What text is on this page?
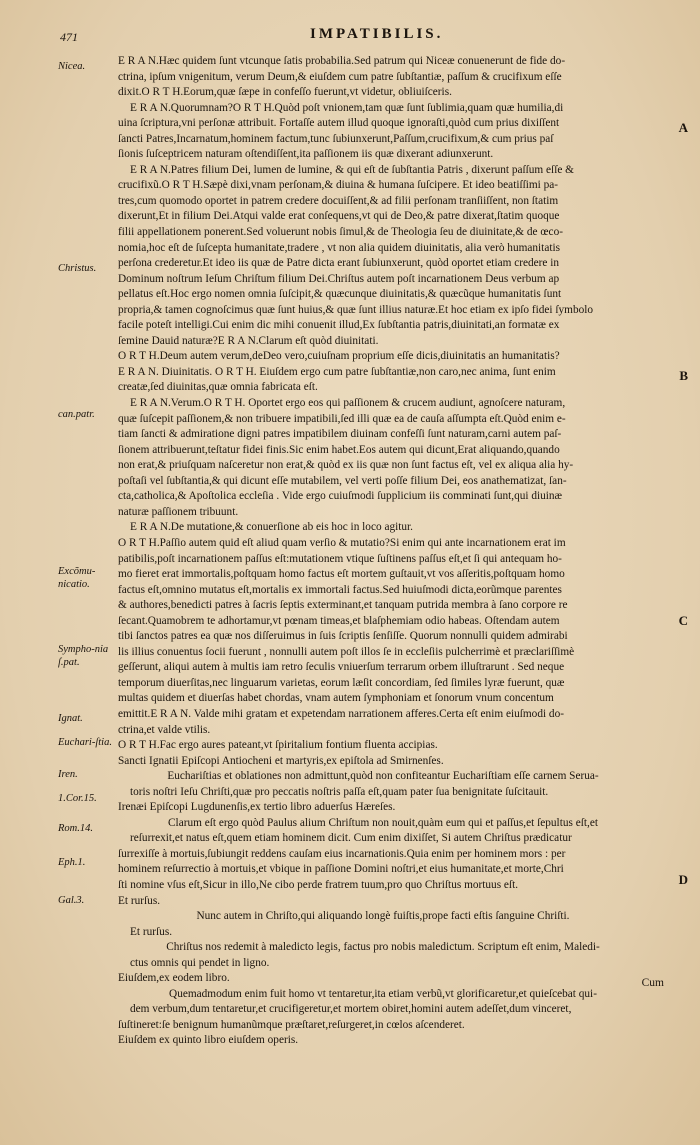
471	IMPATIBILIS.
Nicea.
Christus.
can.patr.
Excõmu-nicatio.
Sympho-nia ſ.pat.
Ignat.
Euchari-ſtia.
Iren.
1.Cor.15.
Rom.14.
Eph.1.
Gal.3.
A
B
C
D
E R A N.Hæc quidem ſunt vtcunque ſatis probabilia.Sed patrum qui Niceæ conuenerunt de fide do-
ctrina, ipſum vnigenitum, verum Deum,& eiuſdem cum patre ſubſtantiæ, paſſum & crucifixum eſſe
dixit.O R T H.Eorum,quæ ſæpe in confeſſo fuerunt,vt videtur, obliuiſceris.
E R A N.Quorumnam?O R T H.Quòd poſt vnionem,tam quæ ſunt ſublimia,quam quæ humilia,di
uina ſcriptura,vni perſonæ attribuit. Fortaſſe autem illud quoque ignoraſti,quòd cum prius dixiſſent
ſancti Patres,Incarnatum,hominem factum,tunc ſubiunxerunt,Paſſum,crucifixum,& cum prius paſ
ſionis ſuſceptricem naturam oſtendiſſent,ita paſſionem iis quæ dixerant adiunxerunt.
E R A N.Patres filium Dei, lumen de lumine, & qui eſt de ſubſtantia Patris , dixerunt paſſum eſſe &
crucifixũ.O R T H.Sæpè dixi,vnam perſonam,& diuina & humana ſuſcipere. Et ideo beatiſſimi pa-
tres,cum quomodo oportet in patrem credere docuiſſent,& ad filii perſonam tranſiiſſent, non ſtatim
dixerunt,Et in filium Dei.Atqui valde erat conſequens,vt qui de Deo,& patre dixerat,ſtatim quoque
filii appellationem ponerent.Sed voluerunt nobis ſimul,& de Theologia ſeu de diuinitate,& de œco-
nomia,hoc eſt de ſuſcepta humanitate,tradere , vt non alia quidem diuinitatis, alia verò humanitatis
perſona crederetur.Et ideo iis quæ de Patre dicta erant ſubiunxerunt, quòd oportet etiam credere in
Dominum noſtrum Ieſum Chriſtum filium Dei.Chriſtus autem poſt incarnationem Deus verbum ap
pellatus eſt.Hoc ergo nomen omnia ſuſcipit,& quæcunque diuinitatis,& quæcũque humanitatis ſunt
propria,& tamen cognoſcimus quæ ſunt huius,& quæ ſunt illius naturæ.Et hoc etiam ex ipſo fidei ſymbolo
facile poteſt intelligi.Cui enim dic mihi conuenit illud,Ex ſubſtantia patris,diuinitati,an formatæ ex
ſemine Dauid naturæ?E R A N.Clarum eſt quòd diuinitati.
O R T H.Deum autem verum,deDeo vero,cuiuſnam proprium eſſe dicis,diuinitatis an humanitatis?
E R A N. Diuinitatis. O R T H. Eiuſdem ergo cum patre ſubſtantiæ,non caro,nec anima, ſunt enim
creatæ,ſed diuinitas,quæ omnia fabricata eſt.
E R A N.Verum.O R T H. Oportet ergo eos qui paſſionem & crucem audiunt, agnoſcere naturam,
quæ ſuſcepit paſſionem,& non tribuere impatibili,ſed illi quæ ea de cauſa aſſumpta eſt.Quòd enim e-
tiam ſancti & admiratione digni patres impatibilem diuinam confeſſi ſunt naturam,carni autem paſ-
ſionem attribuerunt,teſtatur fidei finis.Sic enim habet.Eos autem qui dicunt,Erat aliquando,quando
non erat,& priuſquam naſceretur non erat,& quòd ex iis quæ non ſunt factus eſt, vel ex aliqua alia hy-
poſtaſi vel ſubſtantia,& qui dicunt eſſe mutabilem, vel verti poſſe filium Dei, eos anathematizat, ſan-
cta,catholica,& Apoſtolica eccleſia . Vide ergo cuiuſmodi ſupplicium iis comminati ſunt,qui diuinæ
naturæ paſſionem tribuunt.
E R A N.De mutatione,& conuerſione ab eis hoc in loco agitur.
O R T H.Paſſio autem quid eſt aliud quam verſio & mutatio?Si enim qui ante incarnationem erat im
patibilis,poſt incarnationem paſſus eſt:mutationem vtique ſuſtinens paſſus eſt,et ſi qui antequam ho-
mo fieret erat immortalis,poſtquam homo factus eſt mortem guſtauit,vt vos aſſeritis,poſtquam homo
factus eſt,omnino mutatus eſt,mortalis ex immortali factus.Sed huiuſmodi dicta,eorũmque parentes
& authores,benedicti patres à ſacris ſeptis exterminant,et tanquam putrida membra à ſano corpore re
ſecant.Quamobrem te adhortamur,vt pœnam timeas,et blaſphemiam odio habeas. Oſtendam autem
tibi ſanctos patres ea quæ nos diſſeruimus in ſuis ſcriptis ſenſiſſe. Quorum nonnulli quidem admirabi
lis illius conuentus ſocii fuerunt , nonnulli autem poſt illos ſe in eccleſiis pulcherrimè et præclariſſimè
geſſerunt, aliqui autem à multis iam retro ſeculis vniuerſum terrarum orbem illuſtrarunt . Sed neque
temporum diuerſitas,nec linguarum varietas, eorum læſit concordiam, ſed ſimiles lyræ fuerunt, quæ
multas quidem et diuerſas habet chordas, vnam autem ſymphoniam et ſonorum vnum concentum
emittit.E R A N. Valde mihi gratam et expetendam narrationem afferes.Certa eſt enim eiuſmodi do-
ctrina,et valde vtilis.
O R T H.Fac ergo aures pateant,vt ſpiritalium fontium fluenta accipias.
Sancti Ignatii Epiſcopi Antiocheni et martyris,ex epiſtola ad Smirnenſes.
Euchariſtias et oblationes non admittunt,quòd non confiteantur Euchariſtiam eſſe carnem Serua-
toris noſtri Ieſu Chriſti,quæ pro peccatis noſtris paſſa eſt,quam pater ſua benignitate ſuſcitauit.
Irenæi Epiſcopi Lugdunenſis,ex tertio libro aduerſus Hæreſes.
Clarum eſt ergo quòd Paulus alium Chriſtum non nouit,quàm eum qui et paſſus,et ſepultus eſt,et
reſurrexit,et natus eſt,quem etiam hominem dicit. Cum enim dixiſſet, Si autem Chriſtus prædicatur
ſurrexiſſe à mortuis,ſubiungit reddens cauſam eius incarnationis.Quia enim per hominem mors : per
hominem reſurrectio à mortuis,et vbique in paſſione Domini noſtri,et eius humanitate,et morte,Chri
ſti nomine vſus eſt,Sicur in illo,Ne cibo perde fratrem tuum,pro quo Chriſtus mortuus eſt.
Et rurſus.
Nunc autem in Chriſto,qui aliquando longè fuiſtis,prope facti eſtis ſanguine Chriſti.
Et rurſus.
Chriſtus nos redemit à maledicto legis, factus pro nobis maledictum. Scriptum eſt enim, Maledi-
ctus omnis qui pendet in ligno.
Eiuſdem,ex eodem libro.
Quemadmodum enim fuit homo vt tentaretur,ita etiam verbũ,vt glorificaretur,et quieſcebat qui-
dem verbum,dum tentaretur,et crucifigeretur,et mortem obiret,homini autem adeſſet,dum vinceret,
ſuſtineret:ſe benignum humanũmque præſtaret,reſurgeret,in cœlos aſcenderet.
Eiuſdem ex quinto libro eiuſdem operis.
Cum
